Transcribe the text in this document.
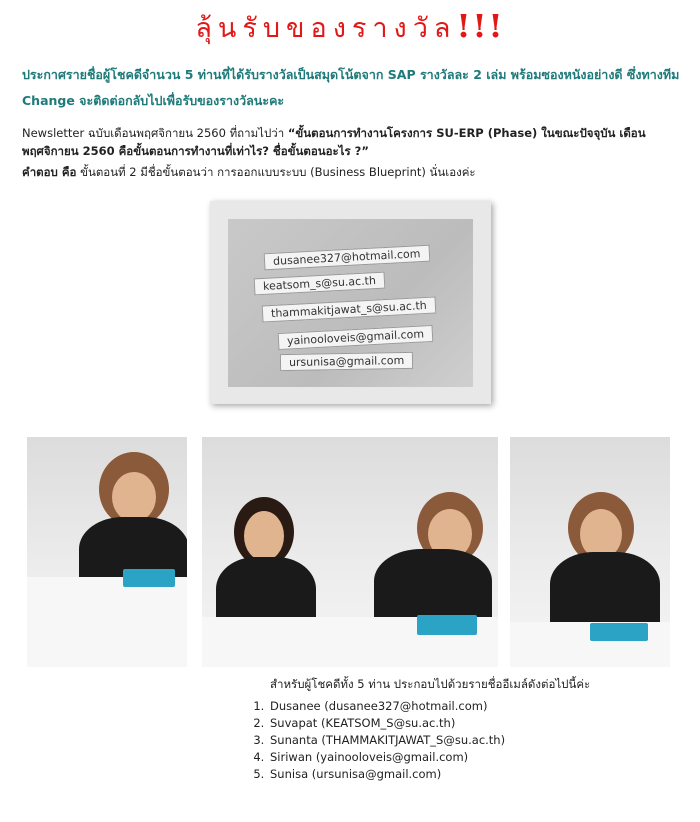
ลุ้นรับของรางวัล!!!
ประกาศรายชื่อผู้โชคดีจำนวน 5 ท่านที่ได้รับรางวัลเป็นสมุดโน้ตจาก SAP รางวัลละ 2 เล่ม พร้อมซองหนังอย่างดี ซึ่งทางทีม Change จะติดต่อกลับไปเพื่อรับของรางวัลนะคะ
Newsletter ฉบับเดือนพฤศจิกายน 2560 ที่ถามไปว่า “ขั้นตอนการทำงานโครงการ SU-ERP (Phase) ในขณะปัจจุบัน เดือนพฤศจิกายน 2560 คือขั้นตอนการทำงานที่เท่าไร? ชื่อขั้นตอนอะไร ?”
คำตอบ คือ ขั้นตอนที่ 2 มีชื่อขั้นตอนว่า การออกแบบระบบ (Business Blueprint) นั่นเองค่ะ
dusanee327@hotmail.com
keatsom_s@su.ac.th
thammakitjawat_s@su.ac.th
yainooloveis@gmail.com
ursunisa@gmail.com
สำหรับผู้โชคดีทั้ง 5 ท่าน ประกอบไปด้วยรายชื่ออีเมล์ดังต่อไปนี้ค่ะ
1. Dusanee (dusanee327@hotmail.com)
2. Suvapat (KEATSOM_S@su.ac.th)
3. Sunanta (THAMMAKITJAWAT_S@su.ac.th)
4. Siriwan (yainooloveis@gmail.com)
5. Sunisa (ursunisa@gmail.com)
